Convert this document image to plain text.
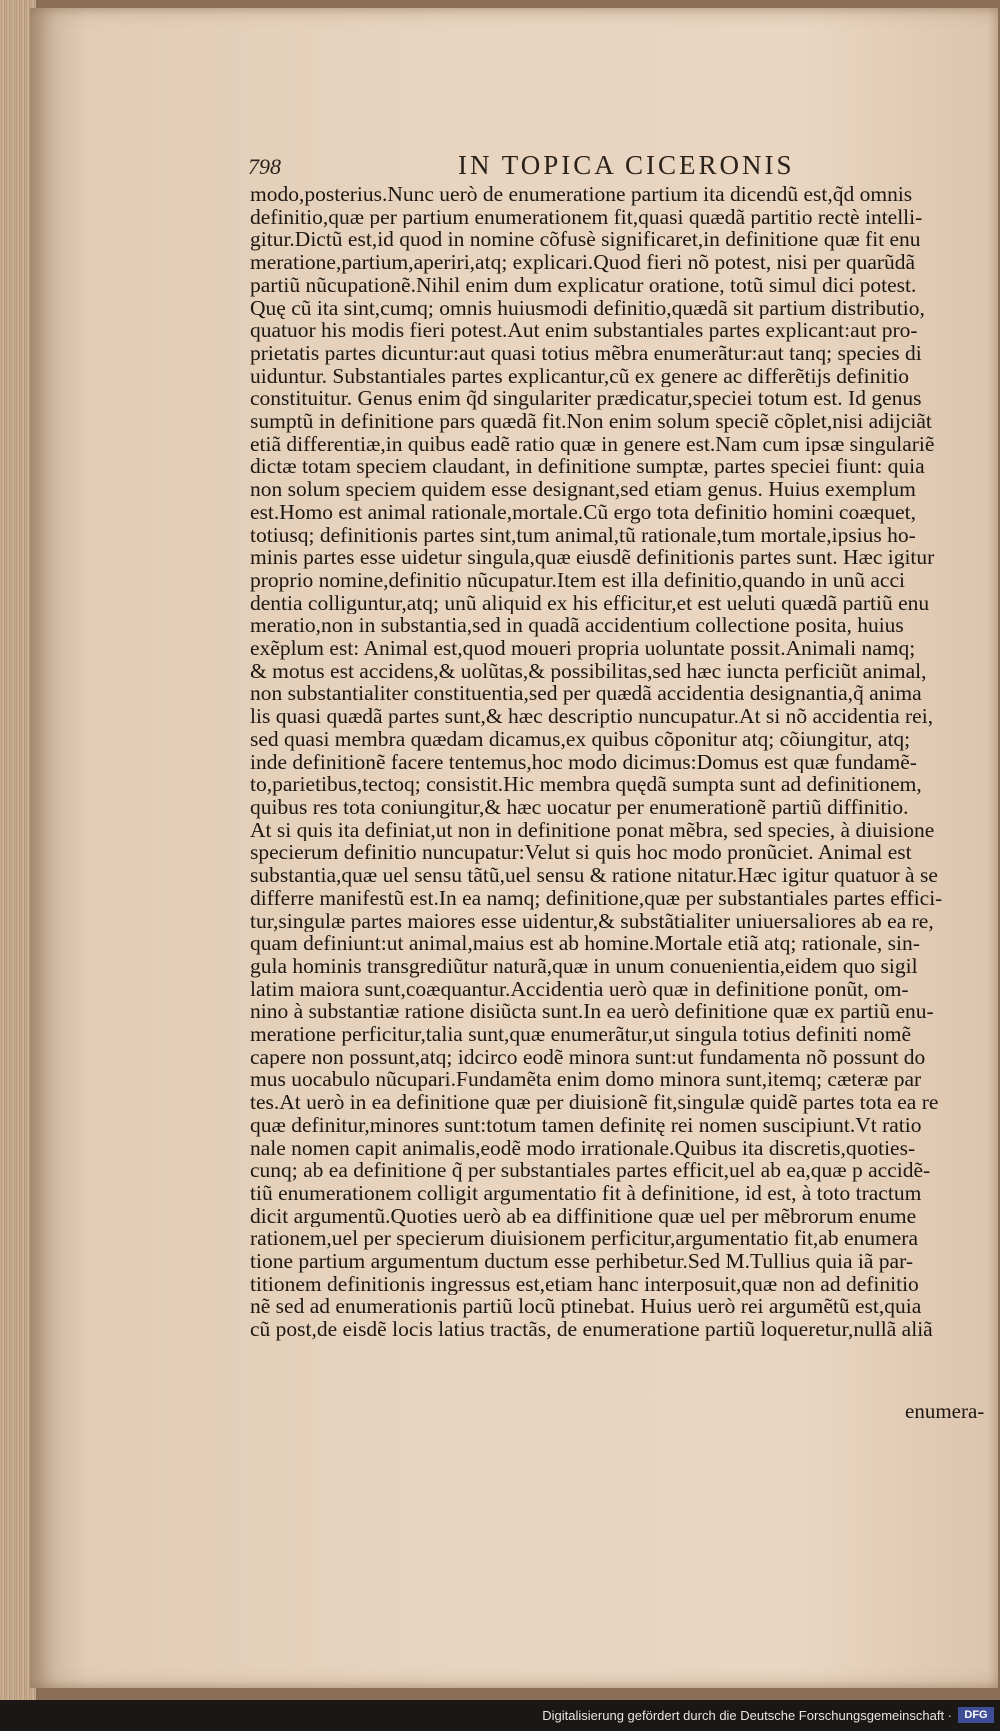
798	IN TOPICA CICERONIS
modo,posterius.Nunc uerò de enumeratione partium ita dicendũ est,q̃d omnis
definitio,quæ per partium enumerationem fit,quasi quædã partitio rectè intelli-
gitur.Dictũ est,id quod in nomine cõfusè significaret,in definitione quæ fit enu
meratione,partium,aperiri,atq; explicari.Quod fieri nõ potest, nisi per quarũdã
partiũ nũcupationẽ.Nihil enim dum explicatur oratione, totũ simul dici potest.
Quę cũ ita sint,cumq; omnis huiusmodi definitio,quædã sit partium distributio,
quatuor his modis fieri potest.Aut enim substantiales partes explicant:aut pro-
prietatis partes dicuntur:aut quasi totius mẽbra enumerãtur:aut tanq; species di
uiduntur. Substantiales partes explicantur,cũ ex genere ac differẽtijs definitio
constituitur. Genus enim q̃d singulariter prædicatur,speciei totum est. Id genus
sumptũ in definitione pars quædã fit.Non enim solum speciẽ cõplet,nisi adijciãt
etiã differentiæ,in quibus eadẽ ratio quæ in genere est.Nam cum ipsæ singulariẽ
dictæ totam speciem claudant, in definitione sumptæ, partes speciei fiunt: quia
non solum speciem quidem esse designant,sed etiam genus. Huius exemplum
est.Homo est animal rationale,mortale.Cũ ergo tota definitio homini coæquet,
totiusq; definitionis partes sint,tum animal,tũ rationale,tum mortale,ipsius ho-
minis partes esse uidetur singula,quæ eiusdẽ definitionis partes sunt. Hæc igitur
proprio nomine,definitio nũcupatur.Item est illa definitio,quando in unũ acci
dentia colliguntur,atq; unũ aliquid ex his efficitur,et est ueluti quædã partiũ enu
meratio,non in substantia,sed in quadã accidentium collectione posita, huius
exẽplum est: Animal est,quod moueri propria uoluntate possit.Animali namq;
& motus est accidens,& uolũtas,& possibilitas,sed hæc iuncta perficiũt animal,
non substantialiter constituentia,sed per quædã accidentia designantia,q̃ anima
lis quasi quædã partes sunt,& hæc descriptio nuncupatur.At si nõ accidentia rei,
sed quasi membra quædam dicamus,ex quibus cõponitur atq; cõiungitur, atq;
inde definitionẽ facere tentemus,hoc modo dicimus:Domus est quæ fundamẽ-
to,parietibus,tectoq; consistit.Hic membra quędã sumpta sunt ad definitionem,
quibus res tota coniungitur,& hæc uocatur per enumerationẽ partiũ diffinitio.
At si quis ita definiat,ut non in definitione ponat mẽbra, sed species, à diuisione
specierum definitio nuncupatur:Velut si quis hoc modo pronũciet. Animal est
substantia,quæ uel sensu tãtũ,uel sensu & ratione nitatur.Hæc igitur quatuor à se
differre manifestũ est.In ea namq; definitione,quæ per substantiales partes effici-
tur,singulæ partes maiores esse uidentur,& substãtialiter uniuersaliores ab ea re,
quam definiunt:ut animal,maius est ab homine.Mortale etiã atq; rationale, sin-
gula hominis transgrediũtur naturã,quæ in unum conuenientia,eidem quo sigil
latim maiora sunt,coæquantur.Accidentia uerò quæ in definitione ponũt, om-
nino à substantiæ ratione disiũcta sunt.In ea uerò definitione quæ ex partiũ enu-
meratione perficitur,talia sunt,quæ enumerãtur,ut singula totius definiti nomẽ
capere non possunt,atq; idcirco eodẽ minora sunt:ut fundamenta nõ possunt do
mus uocabulo nũcupari.Fundamẽta enim domo minora sunt,itemq; cæteræ par
tes.At uerò in ea definitione quæ per diuisionẽ fit,singulæ quidẽ partes tota ea re
quæ definitur,minores sunt:totum tamen definitę rei nomen suscipiunt.Vt ratio
nale nomen capit animalis,eodẽ modo irrationale.Quibus ita discretis,quoties-
cunq; ab ea definitione q̃ per substantiales partes efficit,uel ab ea,quæ p accidẽ-
tiũ enumerationem colligit argumentatio fit à definitione, id est, à toto tractum
dicit argumentũ.Quoties uerò ab ea diffinitione quæ uel per mẽbrorum enume
rationem,uel per specierum diuisionem perficitur,argumentatio fit,ab enumera
tione partium argumentum ductum esse perhibetur.Sed M.Tullius quia iã par-
titionem definitionis ingressus est,etiam hanc interposuit,quæ non ad definitio
nẽ sed ad enumerationis partiũ locũ ptinebat. Huius uerò rei argumẽtũ est,quia
cũ post,de eisdẽ locis latius tractãs, de enumeratione partiũ loqueretur,nullã aliã
enumera-
Digitalisierung gefördert durch die Deutsche Forschungsgemeinschaft ·	DFG
